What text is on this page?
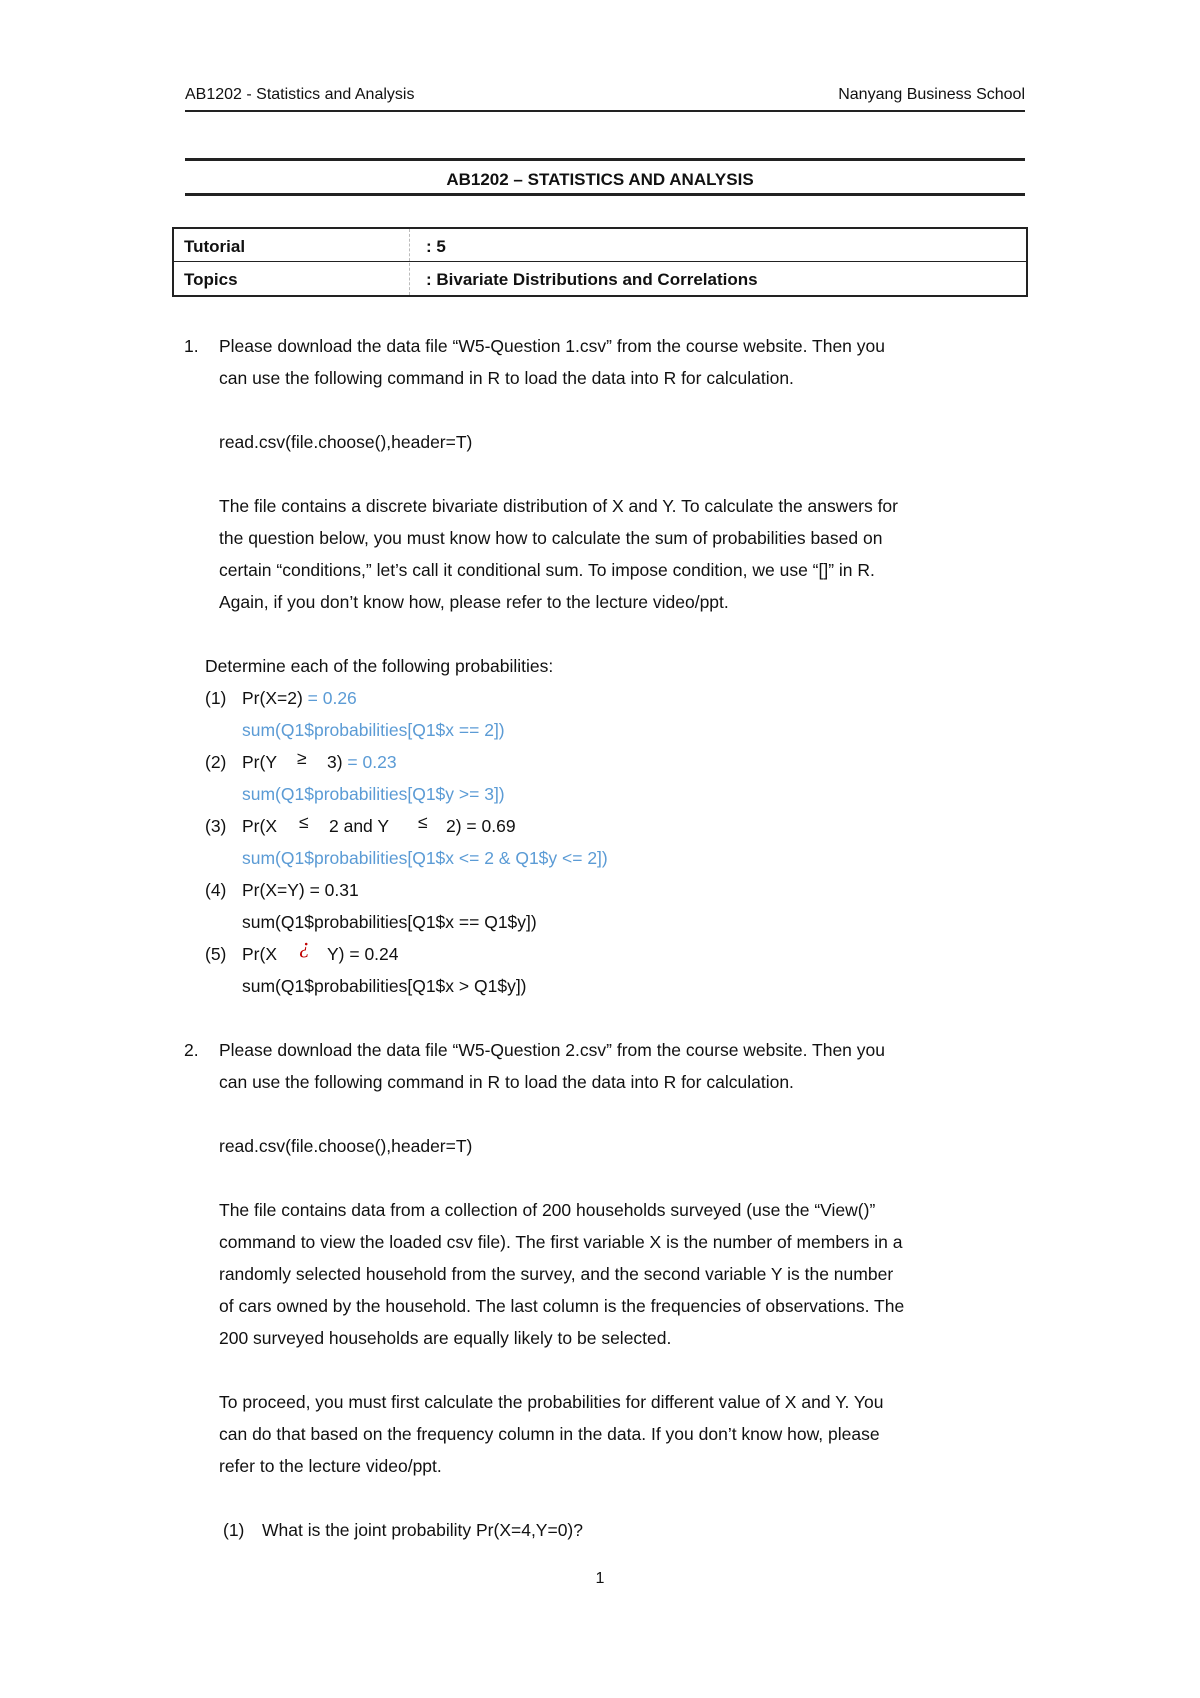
AB1202 - Statistics and Analysis	Nanyang Business School
AB1202 – STATISTICS AND ANALYSIS
Tutorial	: 5
Topics	: Bivariate Distributions and Correlations
1. Please download the data file “W5-Question 1.csv” from the course website. Then you
can use the following command in R to load the data into R for calculation.
read.csv(file.choose(),header=T)
The file contains a discrete bivariate distribution of X and Y. To calculate the answers for
the question below, you must know how to calculate the sum of probabilities based on
certain “conditions,” let’s call it conditional sum. To impose condition, we use “[]” in R.
Again, if you don’t know how, please refer to the lecture video/ppt.
Determine each of the following probabilities:
(1) Pr(X=2) = 0.26
sum(Q1$probabilities[Q1$x == 2])
(2) Pr(Y ≥ 3) = 0.23
sum(Q1$probabilities[Q1$y >= 3])
(3) Pr(X ≤ 2 and Y ≤ 2) = 0.69
sum(Q1$probabilities[Q1$x <= 2 & Q1$y <= 2])
(4) Pr(X=Y) = 0.31
sum(Q1$probabilities[Q1$x == Q1$y])
(5) Pr(X ¿ Y) = 0.24
sum(Q1$probabilities[Q1$x > Q1$y])
2. Please download the data file “W5-Question 2.csv” from the course website. Then you
can use the following command in R to load the data into R for calculation.
read.csv(file.choose(),header=T)
The file contains data from a collection of 200 households surveyed (use the “View()”
command to view the loaded csv file). The first variable X is the number of members in a
randomly selected household from the survey, and the second variable Y is the number
of cars owned by the household. The last column is the frequencies of observations. The
200 surveyed households are equally likely to be selected.
To proceed, you must first calculate the probabilities for different value of X and Y. You
can do that based on the frequency column in the data. If you don’t know how, please
refer to the lecture video/ppt.
(1) What is the joint probability Pr(X=4,Y=0)?
1
